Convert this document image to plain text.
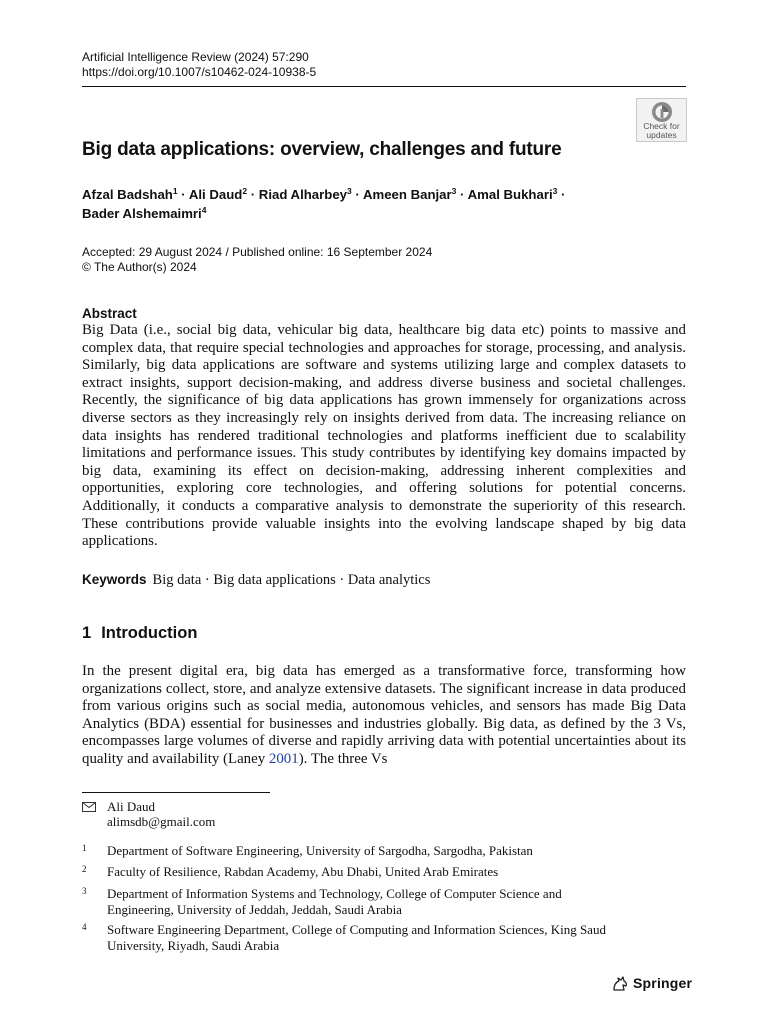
Artificial Intelligence Review (2024) 57:290
https://doi.org/10.1007/s10462-024-10938-5
Check for
updates
Big data applications: overview, challenges and future
Afzal Badshah$^1$ · Ali Daud$^2$ · Riad Alharbey$^3$ · Ameen Banjar$^3$ · Amal Bukhari$^3$ ·
Bader Alshemaimri$^4$
Accepted: 29 August 2024 / Published online: 16 September 2024
© The Author(s) 2024
Abstract

Big Data (i.e., social big data, vehicular big data, healthcare big data etc) points to massive and complex data, that require special technologies and approaches for storage, processing, and analysis. Similarly, big data applications are software and systems utilizing large and complex datasets to extract insights, support decision-making, and address diverse business and societal challenges. Recently, the significance of big data applications has grown immensely for organizations across diverse sectors as they increasingly rely on insights derived from data. The increasing reliance on data insights has rendered traditional technologies and platforms inefficient due to scalability limitations and performance issues. This study contributes by identifying key domains impacted by big data, examining its effect on decision-making, addressing inherent complexities and opportunities, exploring core technologies, and offering solutions for potential concerns. Additionally, it conducts a comparative analysis to demonstrate the superiority of this research. These contributions provide valuable insights into the evolving landscape shaped by big data applications.

Keywords Big data · Big data applications · Data analytics
1 Introduction

In the present digital era, big data has emerged as a transformative force, transforming how organizations collect, store, and analyze extensive datasets. The significant increase in data produced from various origins such as social media, autonomous vehicles, and sensors has made Big Data Analytics (BDA) essential for businesses and industries globally. Big data, as defined by the 3 Vs, encompasses large volumes of diverse and rapidly arriving data with potential uncertainties about its quality and availability (Laney 2001). The three Vs

Ali Daud
alimsdb@gmail.com
1 Department of Software Engineering, University of Sargodha, Sargodha, Pakistan
2 Faculty of Resilience, Rabdan Academy, Abu Dhabi, United Arab Emirates
3 Department of Information Systems and Technology, College of Computer Science and Engineering, University of Jeddah, Jeddah, Saudi Arabia
4 Software Engineering Department, College of Computing and Information Sciences, King Saud University, Riyadh, Saudi Arabia
Springer
